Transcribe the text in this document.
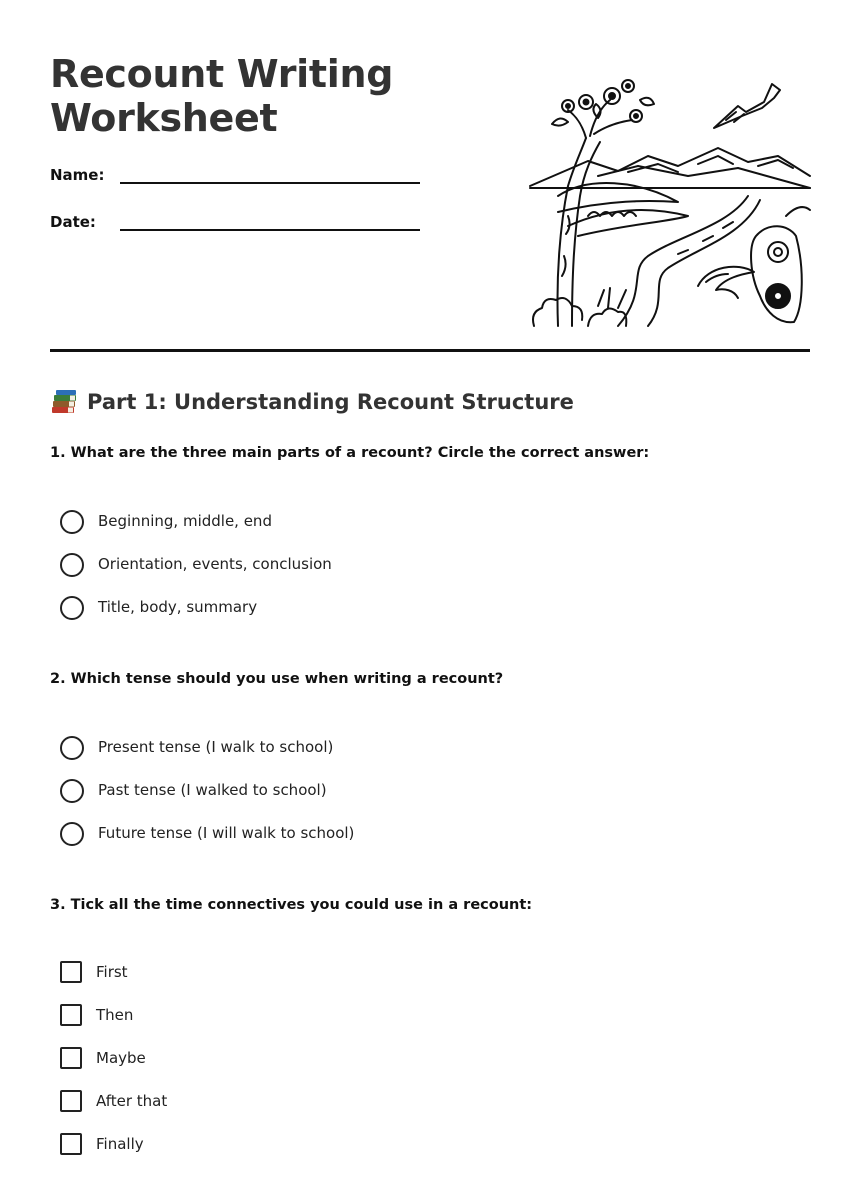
Recount Writing
Worksheet
Name:
Date:
Part 1: Understanding Recount Structure

1. What are the three main parts of a recount? Circle the correct answer:

Beginning, middle, end
Orientation, events, conclusion
Title, body, summary

2. Which tense should you use when writing a recount?

Present tense (I walk to school)
Past tense (I walked to school)
Future tense (I will walk to school)

3. Tick all the time connectives you could use in a recount:

First
Then
Maybe
After that
Finally
